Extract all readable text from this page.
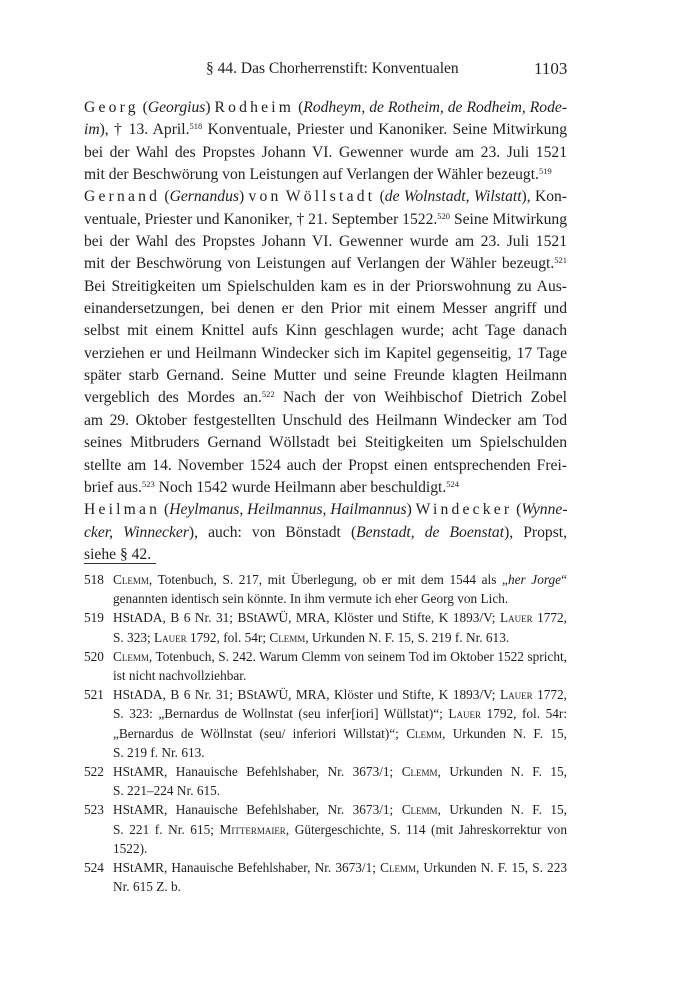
§ 44. Das Chorherrenstift: Konventualen	1103
Georg (Georgius) Rodheim (Rodheym, de Rotheim, de Rodheim, Rode-
im), † 13. April.$^{518}$ Konventuale, Priester und Kanoniker. Seine Mitwirkung
bei der Wahl des Propstes Johann VI. Gewenner wurde am 23. Juli 1521
mit der Beschwörung von Leistungen auf Verlangen der Wähler bezeugt.$^{519}$
Gernand (Gernandus) von Wöllstadt (de Wolnstadt, Wilstatt), Kon-
ventuale, Priester und Kanoniker, † 21. September 1522.$^{520}$ Seine Mitwirkung
bei der Wahl des Propstes Johann VI. Gewenner wurde am 23. Juli 1521
mit der Beschwörung von Leistungen auf Verlangen der Wähler bezeugt.$^{521}$
Bei Streitigkeiten um Spielschulden kam es in der Priorswohnung zu Aus-
einandersetzungen, bei denen er den Prior mit einem Messer angriff und
selbst mit einem Knittel aufs Kinn geschlagen wurde; acht Tage danach
verziehen er und Heilmann Windecker sich im Kapitel gegenseitig, 17 Tage
später starb Gernand. Seine Mutter und seine Freunde klagten Heilmann
vergeblich des Mordes an.$^{522}$ Nach der von Weihbischof Dietrich Zobel
am 29. Oktober festgestellten Unschuld des Heilmann Windecker am Tod
seines Mitbruders Gernand Wöllstadt bei Steitigkeiten um Spielschulden
stellte am 14. November 1524 auch der Propst einen entsprechenden Frei-
brief aus.$^{523}$ Noch 1542 wurde Heilmann aber beschuldigt.$^{524}$
Heilman (Heylmanus, Heilmannus, Hailmannus) Windecker (Wynne-
cker, Winnecker), auch: von Bönstadt (Benstadt, de Boenstat), Propst,
siehe § 42.
518 Clemm, Totenbuch, S. 217, mit Überlegung, ob er mit dem 1544 als „her Jorge“
genannten identisch sein könnte. In ihm vermute ich eher Georg von Lich.
519 HStADA, B 6 Nr. 31; BStAWÜ, MRA, Klöster und Stifte, K 1893/V; Lauer 1772,
S. 323; Lauer 1792, fol. 54r; Clemm, Urkunden N. F. 15, S. 219 f. Nr. 613.
520 Clemm, Totenbuch, S. 242. Warum Clemm von seinem Tod im Oktober 1522 spricht,
ist nicht nachvollziehbar.
521 HStADA, B 6 Nr. 31; BStAWÜ, MRA, Klöster und Stifte, K 1893/V; Lauer 1772,
S. 323: „Bernardus de Wollnstat (seu infer[iori] Wüllstat)“; Lauer 1792, fol. 54r:
„Bernardus de Wöllnstat (seu/ inferiori Willstat)“; Clemm, Urkunden N. F. 15,
S. 219 f. Nr. 613.
522 HStAMR, Hanauische Befehlshaber, Nr. 3673/1; Clemm, Urkunden N. F. 15,
S. 221–224 Nr. 615.
523 HStAMR, Hanauische Befehlshaber, Nr. 3673/1; Clemm, Urkunden N. F. 15,
S. 221 f. Nr. 615; Mittermaier, Gütergeschichte, S. 114 (mit Jahreskorrektur von
1522).
524 HStAMR, Hanauische Befehlshaber, Nr. 3673/1; Clemm, Urkunden N. F. 15, S. 223
Nr. 615 Z. b.
